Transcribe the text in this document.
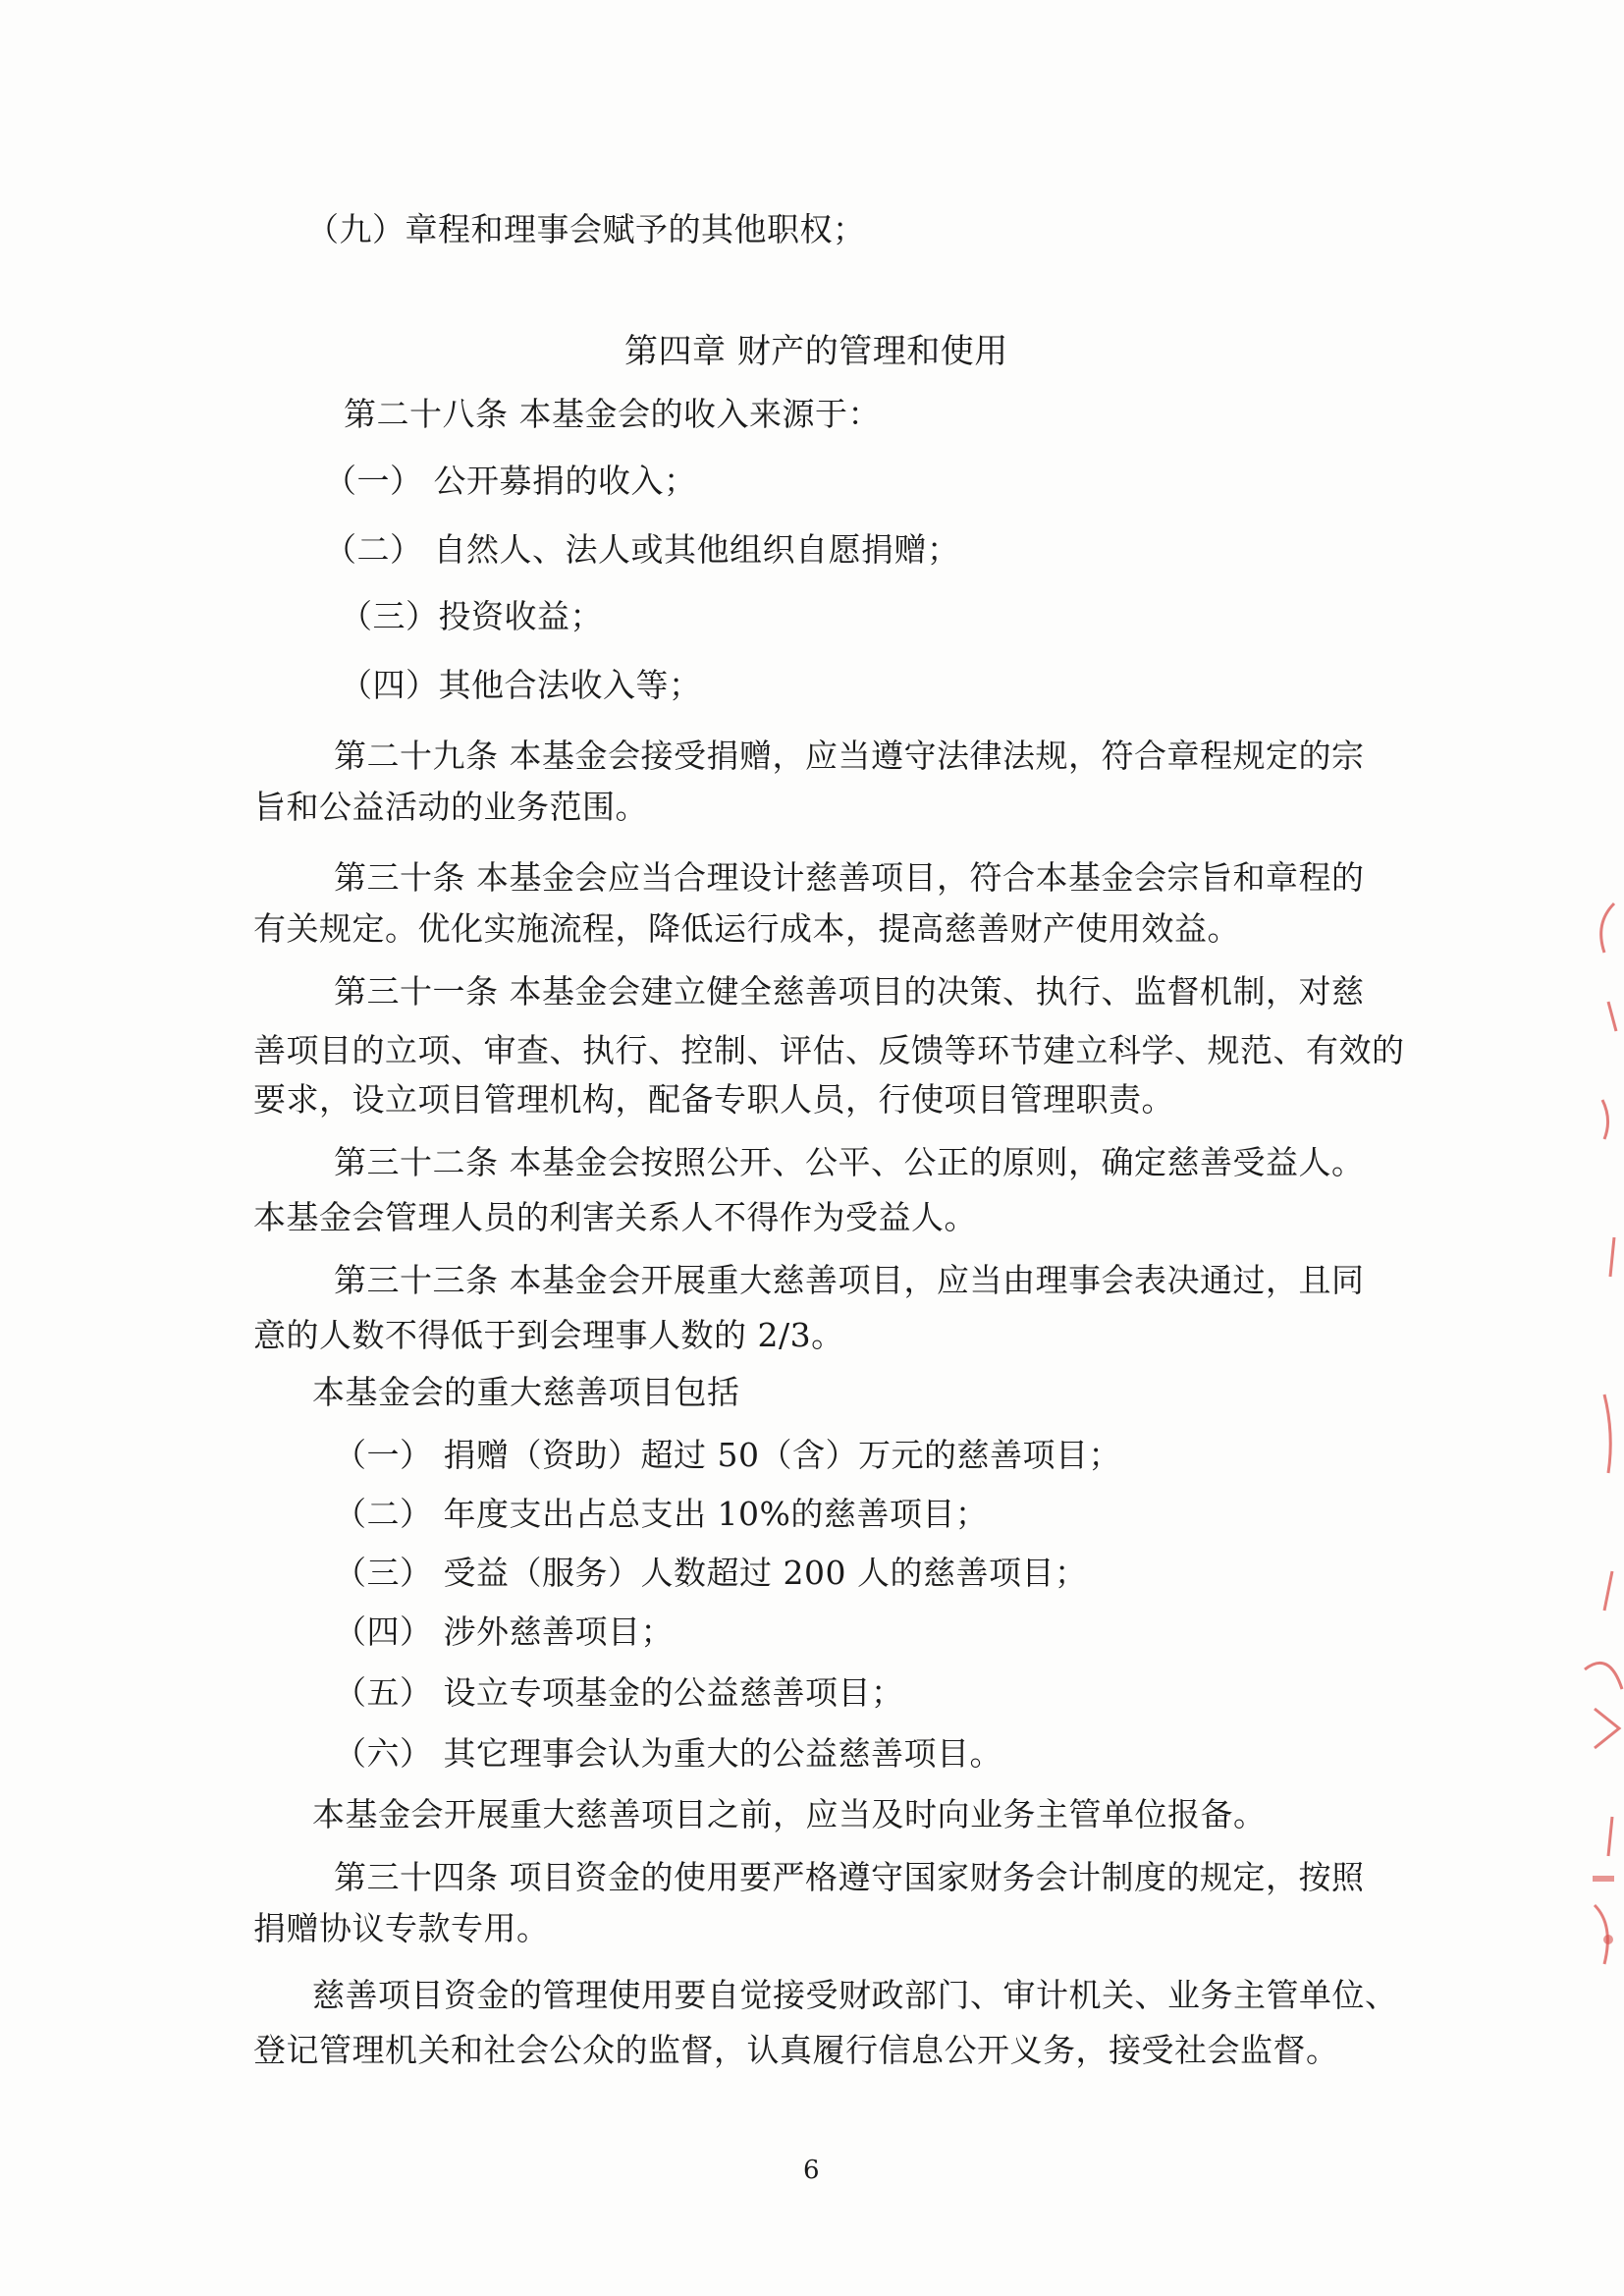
（九）章程和理事会赋予的其他职权；
第四章 财产的管理和使用
第二十八条 本基金会的收入来源于：
（一） 公开募捐的收入；
（二） 自然人、法人或其他组织自愿捐赠；
（三）投资收益；
（四）其他合法收入等；
第二十九条 本基金会接受捐赠，应当遵守法律法规，符合章程规定的宗
旨和公益活动的业务范围。
第三十条 本基金会应当合理设计慈善项目，符合本基金会宗旨和章程的
有关规定。优化实施流程，降低运行成本，提高慈善财产使用效益。
第三十一条 本基金会建立健全慈善项目的决策、执行、监督机制，对慈
善项目的立项、审查、执行、控制、评估、反馈等环节建立科学、规范、有效的
要求，设立项目管理机构，配备专职人员，行使项目管理职责。
第三十二条 本基金会按照公开、公平、公正的原则，确定慈善受益人。
本基金会管理人员的利害关系人不得作为受益人。
第三十三条 本基金会开展重大慈善项目，应当由理事会表决通过，且同
意的人数不得低于到会理事人数的 2/3。
本基金会的重大慈善项目包括
（一） 捐赠（资助）超过 50（含）万元的慈善项目；
（二） 年度支出占总支出 10%的慈善项目；
（三） 受益（服务）人数超过 200 人的慈善项目；
（四） 涉外慈善项目；
（五） 设立专项基金的公益慈善项目；
（六） 其它理事会认为重大的公益慈善项目。
本基金会开展重大慈善项目之前，应当及时向业务主管单位报备。
第三十四条 项目资金的使用要严格遵守国家财务会计制度的规定，按照
捐赠协议专款专用。
慈善项目资金的管理使用要自觉接受财政部门、审计机关、业务主管单位、
登记管理机关和社会公众的监督，认真履行信息公开义务，接受社会监督。
6
